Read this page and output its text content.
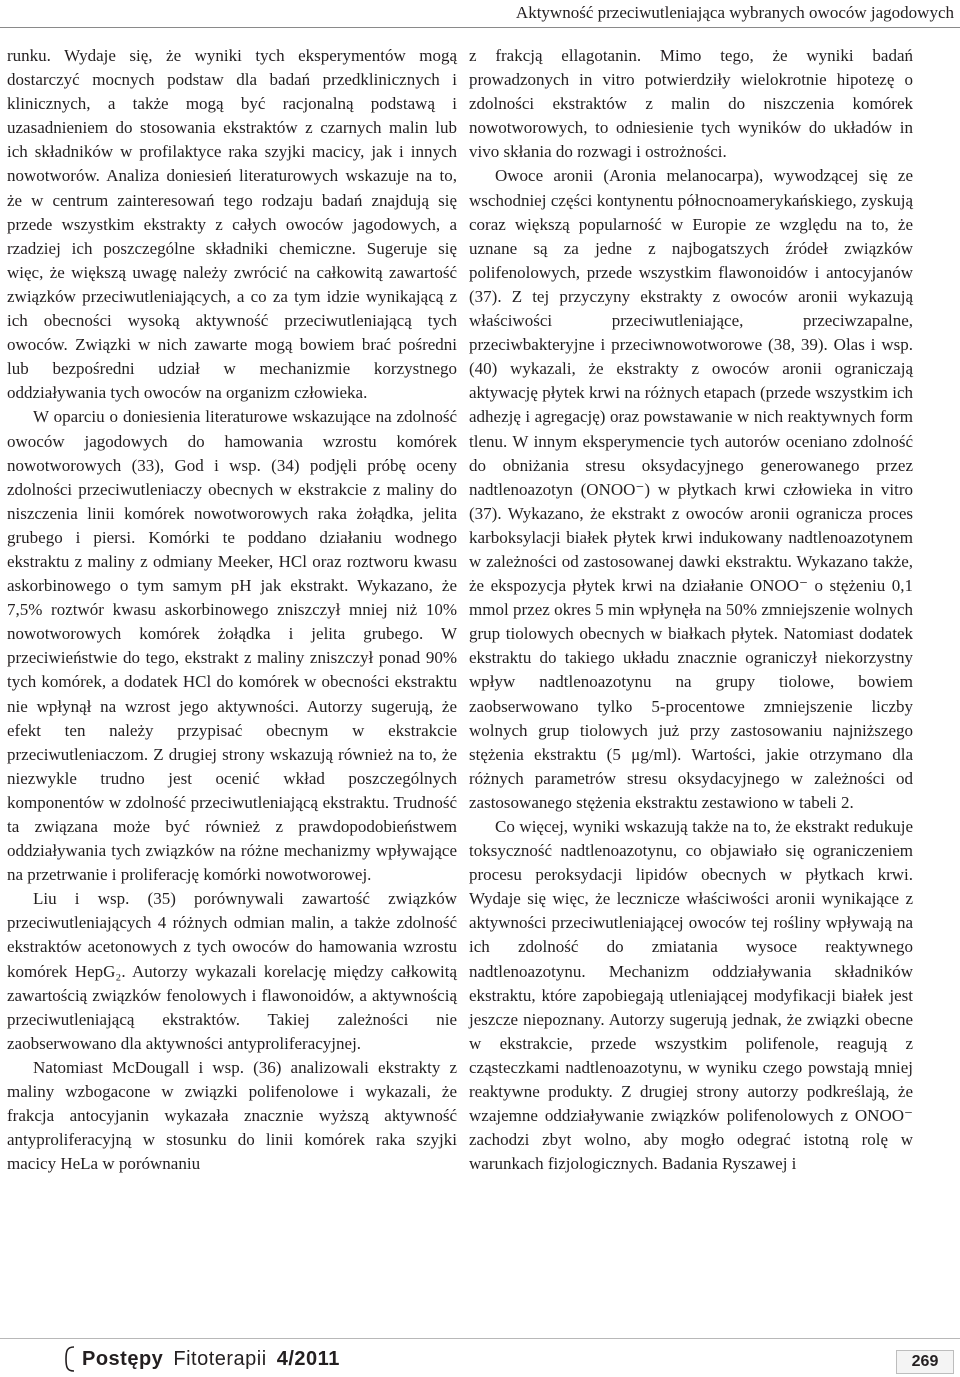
Aktywność przeciwutleniająca wybranych owoców jagodowych

runku. Wydaje się, że wyniki tych eksperymentów mogą dostarczyć mocnych podstaw dla badań przedklinicznych i klinicznych, a także mogą być racjonalną podstawą i uzasadnieniem do stosowania ekstraktów z czarnych malin lub ich składników w profilaktyce raka szyjki macicy, jak i innych nowotworów. Analiza doniesień literaturowych wskazuje na to, że w centrum zainteresowań tego rodzaju badań znajdują się przede wszystkim ekstrakty z całych owoców jagodowych, a rzadziej ich poszczególne składniki chemiczne. Sugeruje się więc, że większą uwagę należy zwrócić na całkowitą zawartość związków przeciwutleniających, a co za tym idzie wynikającą z ich obecności wysoką aktywność przeciwutleniającą tych owoców. Związki w nich zawarte mogą bowiem brać pośredni lub bezpośredni udział w mechanizmie korzystnego oddziaływania tych owoców na organizm człowieka.

W oparciu o doniesienia literaturowe wskazujące na zdolność owoców jagodowych do hamowania wzrostu komórek nowotworowych (33), God i wsp. (34) podjęli próbę oceny zdolności przeciwutleniaczy obecnych w ekstrakcie z maliny do niszczenia linii komórek nowotworowych raka żołądka, jelita grubego i piersi. Komórki te poddano działaniu wodnego ekstraktu z maliny z odmiany Meeker, HCl oraz roztworu kwasu askorbinowego o tym samym pH jak ekstrakt. Wykazano, że 7,5% roztwór kwasu askorbinowego zniszczył mniej niż 10% nowotworowych komórek żołądka i jelita grubego. W przeciwieństwie do tego, ekstrakt z maliny zniszczył ponad 90% tych komórek, a dodatek HCl do komórek w obecności ekstraktu nie wpłynął na wzrost jego aktywności. Autorzy sugerują, że efekt ten należy przypisać obecnym w ekstrakcie przeciwutleniaczom. Z drugiej strony wskazują również na to, że niezwykle trudno jest ocenić wkład poszczególnych komponentów w zdolność przeciwutleniającą ekstraktu. Trudność ta związana może być również z prawdopodobieństwem oddziaływania tych związków na różne mechanizmy wpływające na przetrwanie i proliferację komórki nowotworowej.

Liu i wsp. (35) porównywali zawartość związków przeciwutleniających 4 różnych odmian malin, a także zdolność ekstraktów acetonowych z tych owoców do hamowania wzrostu komórek HepG₂. Autorzy wykazali korelację między całkowitą zawartością związków fenolowych i flawonoidów, a aktywnością przeciwutleniającą ekstraktów. Takiej zależności nie zaobserwowano dla aktywności antyproliferacyjnej.

Natomiast McDougall i wsp. (36) analizowali ekstrakty z maliny wzbogacone w związki polifenolowe i wykazali, że frakcja antocyjanin wykazała znacznie wyższą aktywność antyproliferacyjną w stosunku do linii komórek raka szyjki macicy HeLa w porównaniu

z frakcją ellagotanin. Mimo tego, że wyniki badań prowadzonych in vitro potwierdziły wielokrotnie hipotezę o zdolności ekstraktów z malin do niszczenia komórek nowotworowych, to odniesienie tych wyników do układów in vivo skłania do rozwagi i ostrożności.

Owoce aronii (Aronia melanocarpa), wywodzącej się ze wschodniej części kontynentu północnoamerykańskiego, zyskują coraz większą popularność w Europie ze względu na to, że uznane są za jedne z najbogatszych źródeł związków polifenolowych, przede wszystkim flawonoidów i antocyjanów (37). Z tej przyczyny ekstrakty z owoców aronii wykazują właściwości przeciwutleniające, przeciwzapalne, przeciwbakteryjne i przeciwnowotworowe (38, 39). Olas i wsp. (40) wykazali, że ekstrakty z owoców aronii ograniczają aktywację płytek krwi na różnych etapach (przede wszystkim ich adhezję i agregację) oraz powstawanie w nich reaktywnych form tlenu. W innym eksperymencie tych autorów oceniano zdolność do obniżania stresu oksydacyjnego generowanego przez nadtlenoazotyn (ONOO⁻) w płytkach krwi człowieka in vitro (37). Wykazano, że ekstrakt z owoców aronii ogranicza proces karboksylacji białek płytek krwi indukowany nadtlenoazotynem w zależności od zastosowanej dawki ekstraktu. Wykazano także, że ekspozycja płytek krwi na działanie ONOO⁻ o stężeniu 0,1 mmol przez okres 5 min wpłynęła na 50% zmniejszenie wolnych grup tiolowych obecnych w białkach płytek. Natomiast dodatek ekstraktu do takiego układu znacznie ograniczył niekorzystny wpływ nadtlenoazotynu na grupy tiolowe, bowiem zaobserwowano tylko 5-procentowe zmniejszenie liczby wolnych grup tiolowych już przy zastosowaniu najniższego stężenia ekstraktu (5 μg/ml). Wartości, jakie otrzymano dla różnych parametrów stresu oksydacyjnego w zależności od zastosowanego stężenia ekstraktu zestawiono w tabeli 2.

Co więcej, wyniki wskazują także na to, że ekstrakt redukuje toksyczność nadtlenoazotynu, co objawiało się ograniczeniem procesu peroksydacji lipidów obecnych w płytkach krwi. Wydaje się więc, że lecznicze właściwości aronii wynikające z aktywności przeciwutleniającej owoców tej rośliny wpływają na ich zdolność do zmiatania wysoce reaktywnego nadtlenoazotynu. Mechanizm oddziaływania składników ekstraktu, które zapobiegają utleniającej modyfikacji białek jest jeszcze niepoznany. Autorzy sugerują jednak, że związki obecne w ekstrakcie, przede wszystkim polifenole, reagują z cząsteczkami nadtlenoazotynu, w wyniku czego powstają mniej reaktywne produkty. Z drugiej strony autorzy podkreślają, że wzajemne oddziaływanie związków polifenolowych z ONOO⁻ zachodzi zbyt wolno, aby mogło odegrać istotną rolę w warunkach fizjologicznych. Badania Ryszawej i

Postępy Fitoterapii 4/2011	269
